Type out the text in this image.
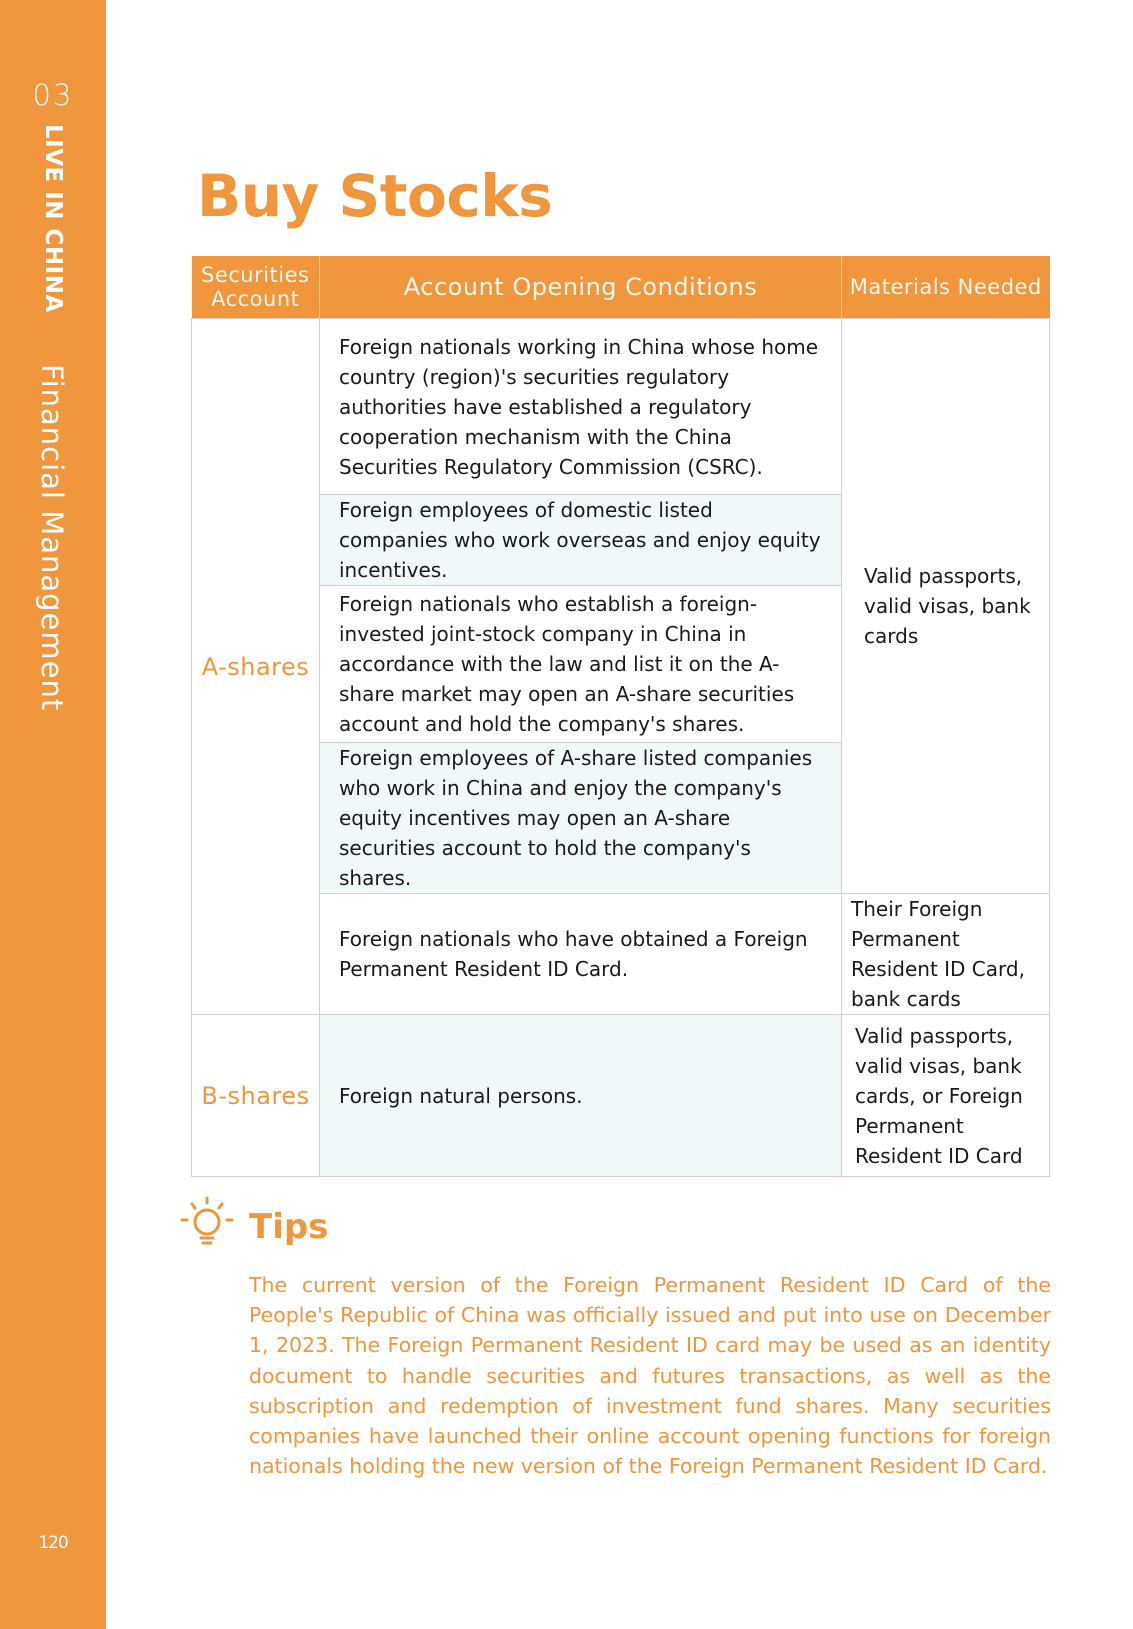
03
LIVE IN CHINA
Financial Management
120
Buy Stocks
Securities Account	Account Opening Conditions	Materials Needed
A-shares	Foreign nationals working in China whose home country (region)'s securities regulatory authorities have established a regulatory cooperation mechanism with the China Securities Regulatory Commission (CSRC).	Valid passports, valid visas, bank cards
	Foreign employees of domestic listed companies who work overseas and enjoy equity incentives.	
	Foreign nationals who establish a foreign-invested joint-stock company in China in accordance with the law and list it on the A-share market may open an A-share securities account and hold the company's shares.	
	Foreign employees of A-share listed companies who work in China and enjoy the company's equity incentives may open an A-share securities account to hold the company's shares.	
	Foreign nationals who have obtained a Foreign Permanent Resident ID Card.	Their Foreign Permanent Resident ID Card, bank cards
B-shares	Foreign natural persons.	Valid passports, valid visas, bank cards, or Foreign Permanent Resident ID Card
Tips

The current version of the Foreign Permanent Resident ID Card of the People's Republic of China was officially issued and put into use on December 1, 2023. The Foreign Permanent Resident ID card may be used as an identity document to handle securities and futures transactions, as well as the subscription and redemption of investment fund shares. Many securities companies have launched their online account opening functions for foreign nationals holding the new version of the Foreign Permanent Resident ID Card.
